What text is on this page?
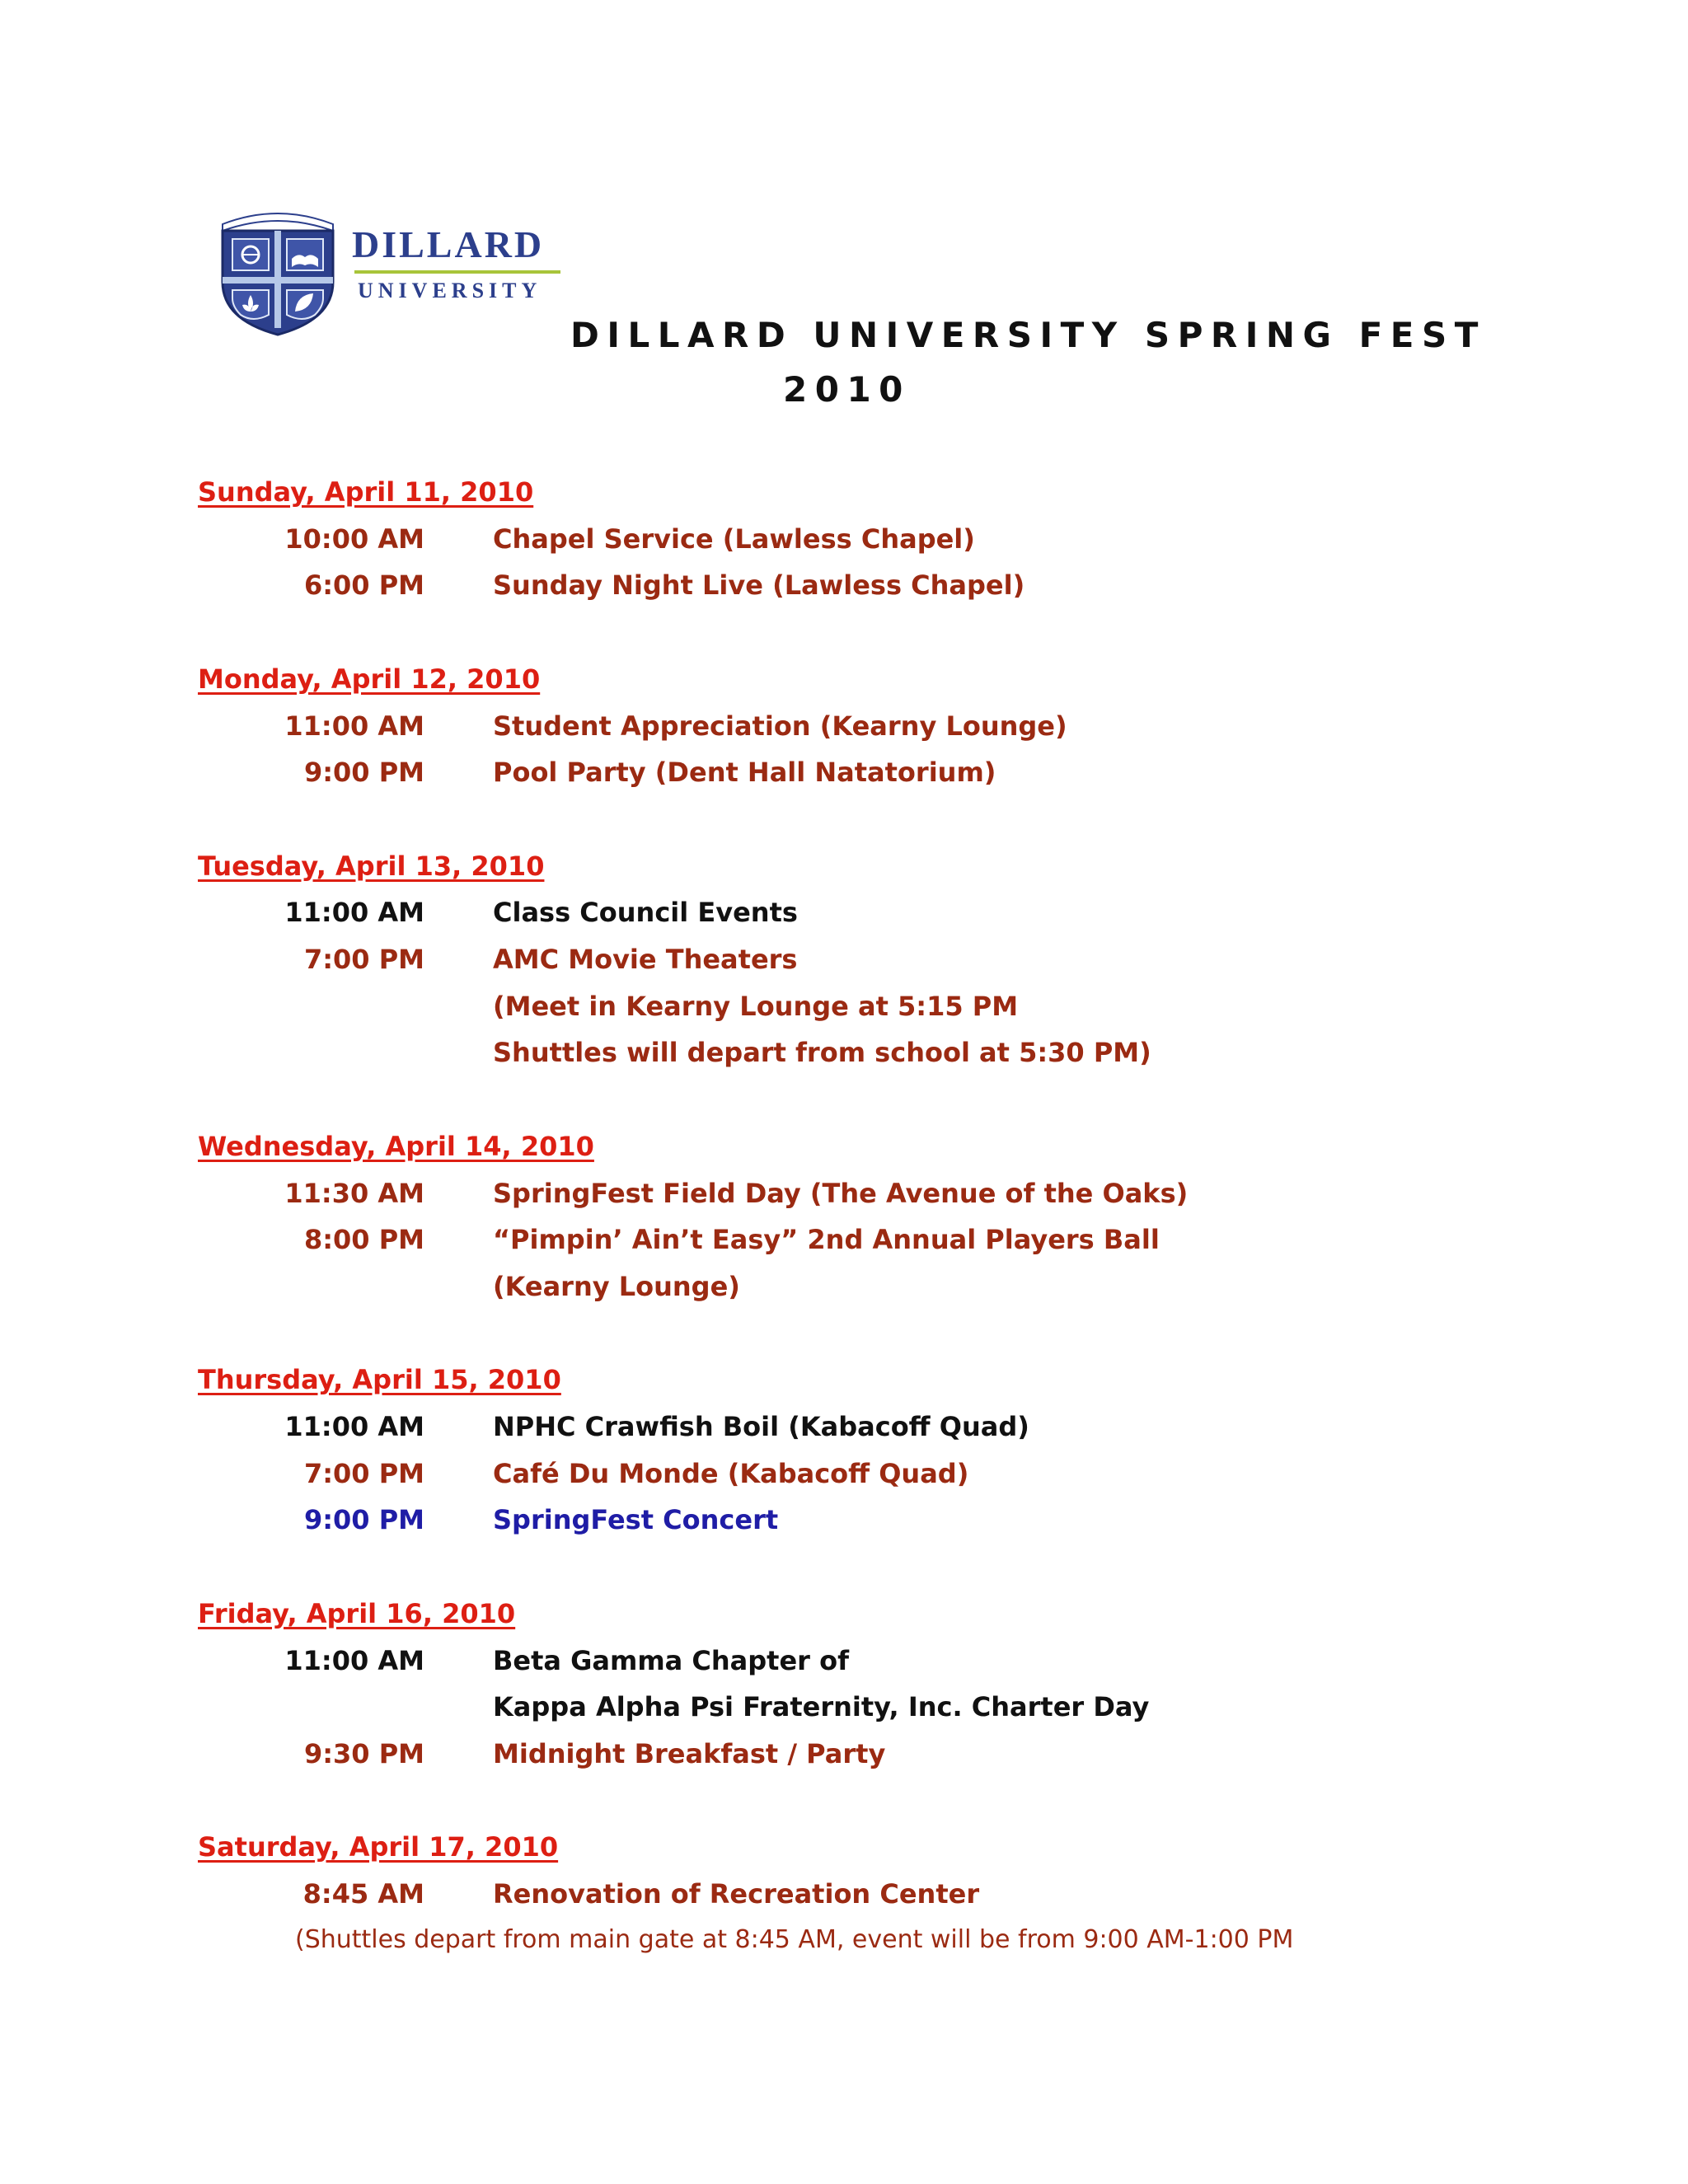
DILLARD
UNIVERSITY
DILLARD UNIVERSITY SPRING FEST
2010
Sunday, April 11, 2010
10:00 AM	Chapel Service (Lawless Chapel)
6:00 PM	Sunday Night Live (Lawless Chapel)
Monday, April 12, 2010
11:00 AM	Student Appreciation (Kearny Lounge)
9:00 PM	Pool Party (Dent Hall Natatorium)
Tuesday, April 13, 2010
11:00 AM	Class Council Events
7:00 PM	AMC Movie Theaters
(Meet in Kearny Lounge at 5:15 PM
Shuttles will depart from school at 5:30 PM)
Wednesday, April 14, 2010
11:30 AM	SpringFest Field Day (The Avenue of the Oaks)
8:00 PM	“Pimpin’ Ain’t Easy” 2nd Annual Players Ball
(Kearny Lounge)
Thursday, April 15, 2010
11:00 AM	NPHC Crawfish Boil (Kabacoff Quad)
7:00 PM	Café Du Monde (Kabacoff Quad)
9:00 PM	SpringFest Concert
Friday, April 16, 2010
11:00 AM	Beta Gamma Chapter of
Kappa Alpha Psi Fraternity, Inc. Charter Day
9:30 PM	Midnight Breakfast / Party
Saturday, April 17, 2010
8:45 AM	Renovation of Recreation Center
(Shuttles depart from main gate at 8:45 AM, event will be from 9:00 AM-1:00 PM
